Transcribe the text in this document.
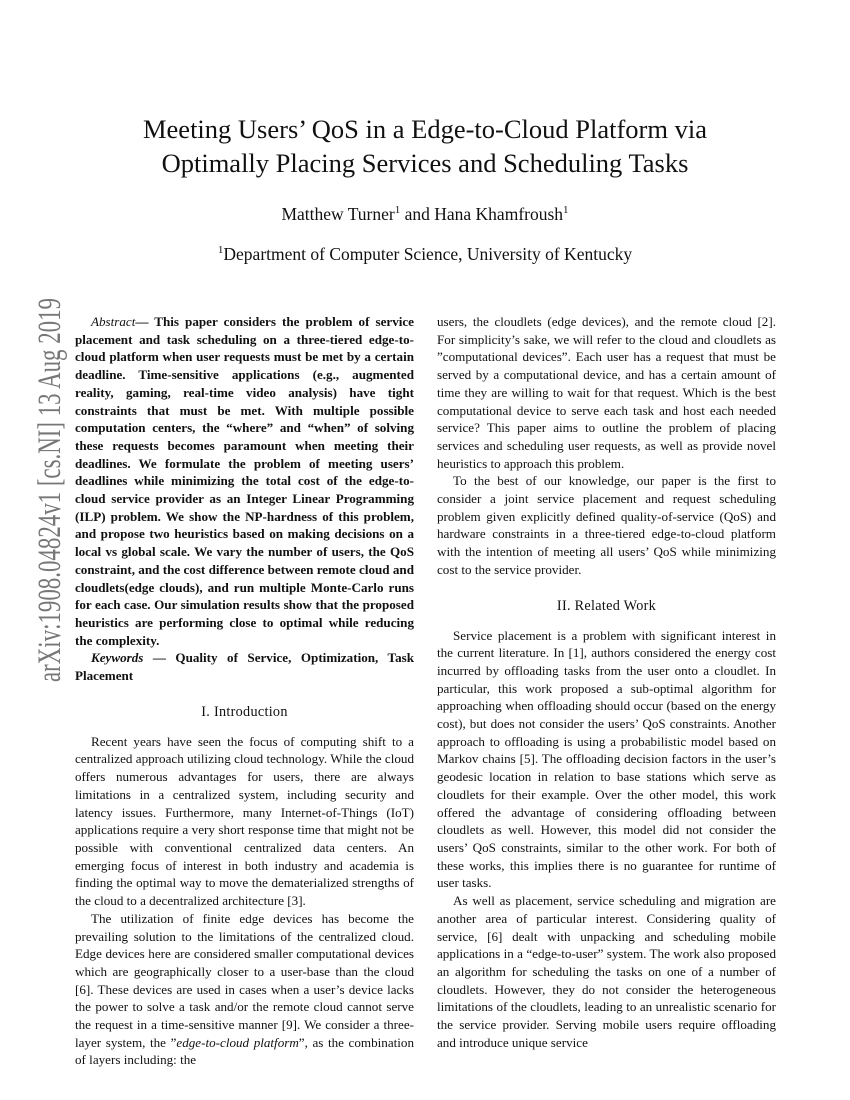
arXiv:1908.04824v1 [cs.NI] 13 Aug 2019	Meeting Users’ QoS in a Edge-to-Cloud Platform via
Optimally Placing Services and Scheduling Tasks
Matthew Turner$^1$ and Hana Khamfroush$^1$
$^1$Department of Computer Science, University of Kentucky

Abstract— This paper considers the problem of service placement and task scheduling on a three-tiered edge-to-cloud platform when user requests must be met by a certain deadline. Time-sensitive applications (e.g., augmented reality, gaming, real-time video analysis) have tight constraints that must be met. With multiple possible computation centers, the “where” and “when” of solving these requests becomes paramount when meeting their deadlines. We formulate the problem of meeting users’ deadlines while minimizing the total cost of the edge-to-cloud service provider as an Integer Linear Programming (ILP) problem. We show the NP-hardness of this problem, and propose two heuristics based on making decisions on a local vs global scale. We vary the number of users, the QoS constraint, and the cost difference between remote cloud and cloudlets(edge clouds), and run multiple Monte-Carlo runs for each case. Our simulation results show that the proposed heuristics are performing close to optimal while reducing the complexity.

Keywords — Quality of Service, Optimization, Task Placement

I. Introduction

Recent years have seen the focus of computing shift to a centralized approach utilizing cloud technology. While the cloud offers numerous advantages for users, there are always limitations in a centralized system, including security and latency issues. Furthermore, many Internet-of-Things (IoT) applications require a very short response time that might not be possible with conventional centralized data centers. An emerging focus of interest in both industry and academia is finding the optimal way to move the dematerialized strengths of the cloud to a decentralized architecture [3].

The utilization of finite edge devices has become the prevailing solution to the limitations of the centralized cloud. Edge devices here are considered smaller computational devices which are geographically closer to a user-base than the cloud [6]. These devices are used in cases when a user’s device lacks the power to solve a task and/or the remote cloud cannot serve the request in a time-sensitive manner [9]. We consider a three-layer system, the ”edge-to-cloud platform”, as the combination of layers including: the

users, the cloudlets (edge devices), and the remote cloud [2]. For simplicity’s sake, we will refer to the cloud and cloudlets as ”computational devices”. Each user has a request that must be served by a computational device, and has a certain amount of time they are willing to wait for that request. Which is the best computational device to serve each task and host each needed service? This paper aims to outline the problem of placing services and scheduling user requests, as well as provide novel heuristics to approach this problem.

To the best of our knowledge, our paper is the first to consider a joint service placement and request scheduling problem given explicitly defined quality-of-service (QoS) and hardware constraints in a three-tiered edge-to-cloud platform with the intention of meeting all users’ QoS while minimizing cost to the service provider.

II. Related Work

Service placement is a problem with significant interest in the current literature. In [1], authors considered the energy cost incurred by offloading tasks from the user onto a cloudlet. In particular, this work proposed a sub-optimal algorithm for approaching when offloading should occur (based on the energy cost), but does not consider the users’ QoS constraints. Another approach to offloading is using a probabilistic model based on Markov chains [5]. The offloading decision factors in the user’s geodesic location in relation to base stations which serve as cloudlets for their example. Over the other model, this work offered the advantage of considering offloading between cloudlets as well. However, this model did not consider the users’ QoS constraints, similar to the other work. For both of these works, this implies there is no guarantee for runtime of user tasks.

As well as placement, service scheduling and migration are another area of particular interest. Considering quality of service, [6] dealt with unpacking and scheduling mobile applications in a “edge-to-user” system. The work also proposed an algorithm for scheduling the tasks on one of a number of cloudlets. However, they do not consider the heterogeneous limitations of the cloudlets, leading to an unrealistic scenario for the service provider. Serving mobile users require offloading and introduce unique service
